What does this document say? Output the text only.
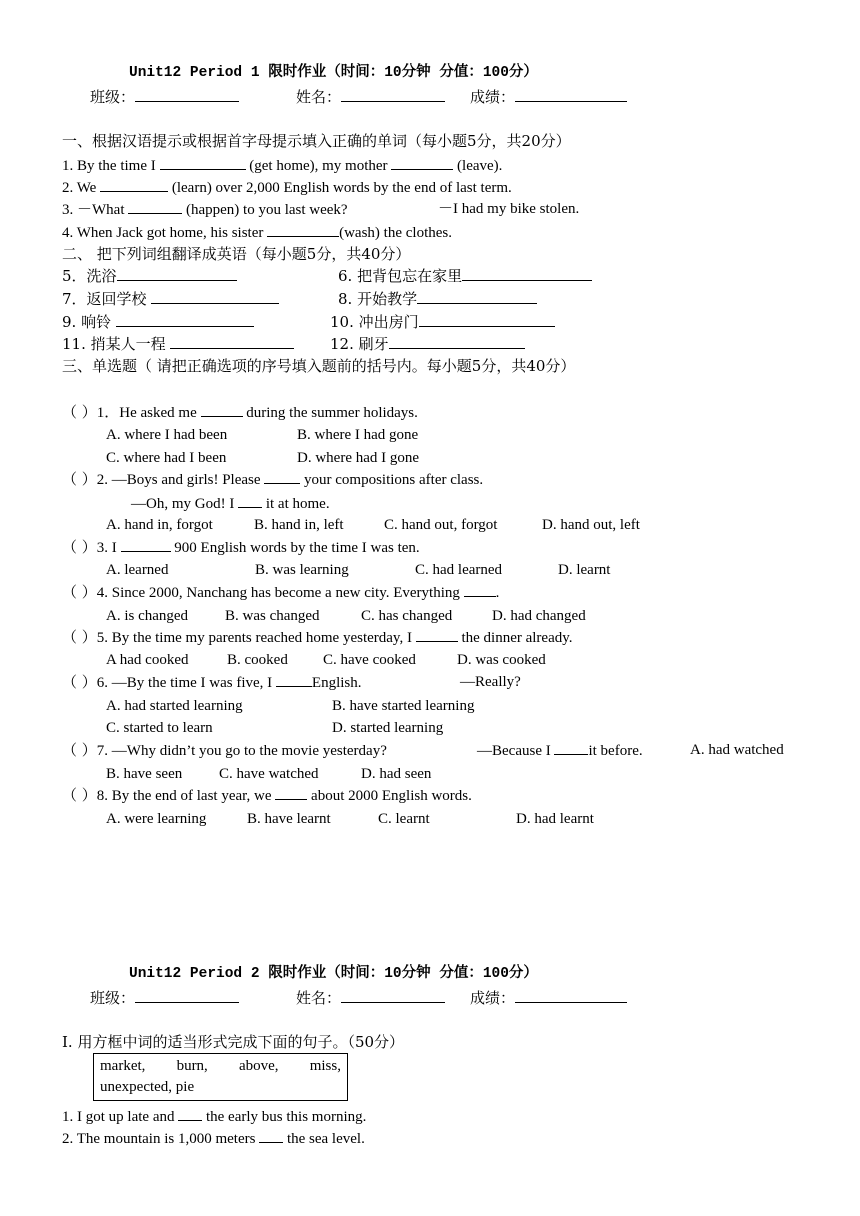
Unit12 Period 1 限时作业（时间：10分钟 分值：100分）
班级：	姓名：	成绩：
一、根据汉语提示或根据首字母提示填入正确的单词（每小题5分，共20分）
1. By the time I	(get home), my mother	(leave).
2. We	(learn) over 2,000 English words by the end of last term.
3. －What	(happen) to you last week?	－I had my bike stolen.
4. When Jack got home, his sister	(wash) the clothes.
二、 把下列词组翻译成英语（每小题5分，共40分）
5．洗浴	6. 把背包忘在家里
7．返回学校	8. 开始教学
9. 响铃	10. 冲出房门
11. 捎某人一程	12. 刷牙
三、单选题（ 请把正确选项的序号填入题前的括号内。每小题5分，共40分）
（ ）1．He asked me	during the summer holidays.
A. where I had been	B. where I had gone
C. where had I been	D. where had I gone
（ ）2. —Boys and girls! Please	your compositions after class.
—Oh, my God! I it at home.
A. hand in, forgot	B. hand in, left	C. hand out, forgot	D. hand out, left
（ ）3. I	900 English words by the time I was ten.
A. learned	B. was learning	C. had learned	D. learnt
（ ）4. Since 2000, Nanchang has become a new city. Everything .
A. is changed B. was changed	C. has changed	D. had changed
（ ）5. By the time my parents reached home yesterday, I	the dinner already.
A had cooked	B. cooked C. have cooked	D. was cooked
（ ）6. —By the time I was five, I	English.	—Really?
A. had started learning	B. have started learning
C. started to learn	D. started learning
（ ）7. —Why didn’t you go to the movie yesterday?	—Because I	it before.	A. had watched
B. have seen C. have watched	D. had seen
（ ）8. By the end of last year, we	about 2000 English words.
A. were learning	B. have learnt	C. learnt	D. had learnt
Unit12 Period 2 限时作业（时间：10分钟 分值：100分）
班级：	姓名：	成绩：
I. 用方框中词的适当形式完成下面的句子。（50分）
market, burn, above, miss,
unexpected, pie
1. I got up late and the early bus this morning.
2. The mountain is 1,000 meters the sea level.
